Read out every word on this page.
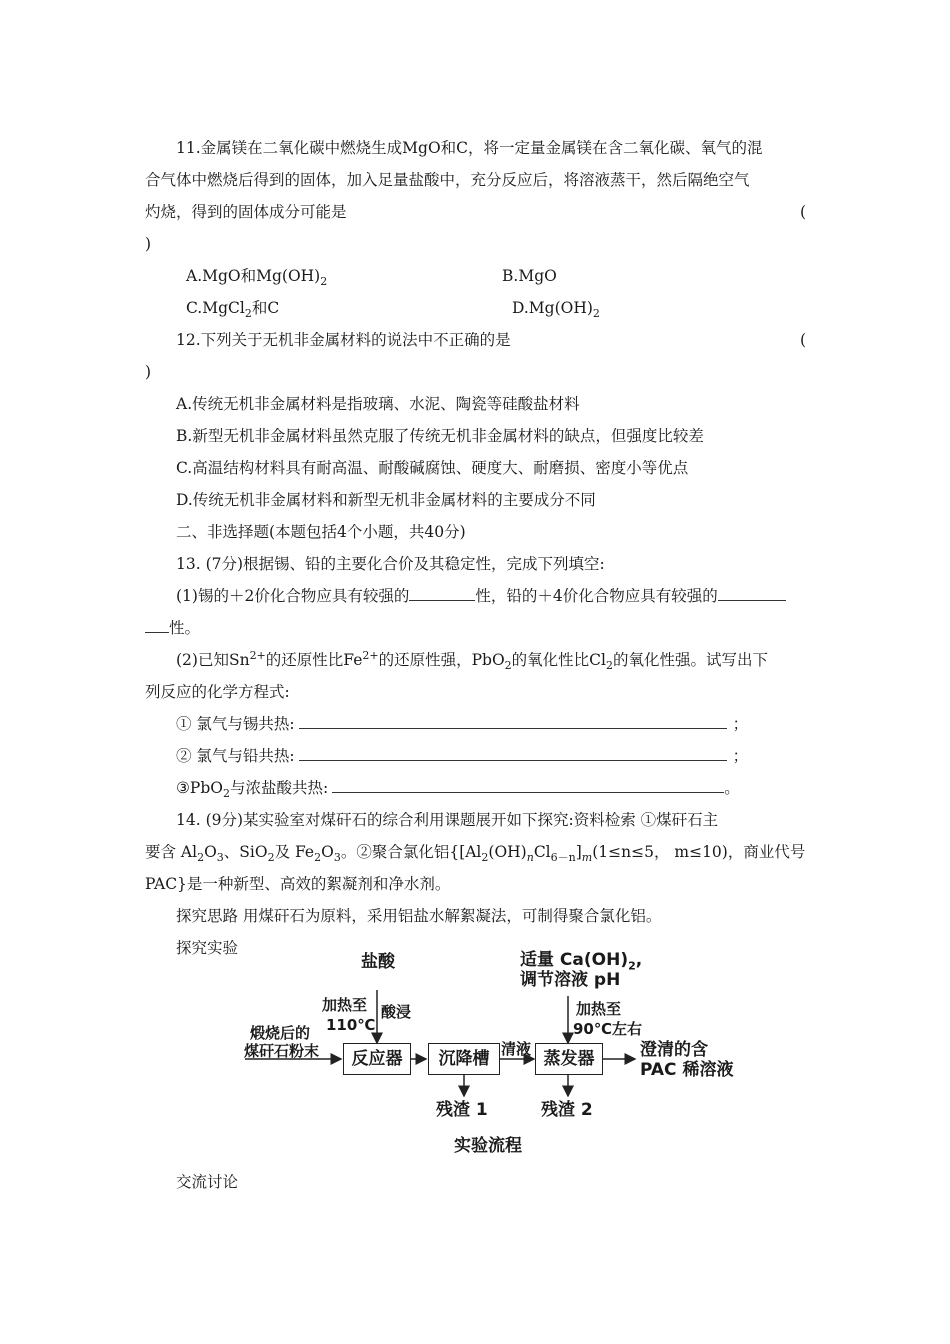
11.金属镁在二氧化碳中燃烧生成MgO和C，将一定量金属镁在含二氧化碳、氧气的混
合气体中燃烧后得到的固体，加入足量盐酸中，充分反应后，将溶液蒸干，然后隔绝空气
灼烧，得到的固体成分可能是	(
)
A.MgO和$Mg(OH)_2$	B.MgO
C.MgCl$_2$和C	$D.Mg(OH)_2$
12.下列关于无机非金属材料的说法中不正确的是	(
)
A.传统无机非金属材料是指玻璃、水泥、陶瓷等硅酸盐材料
B.新型无机非金属材料虽然克服了传统无机非金属材料的缺点，但强度比较差
C.高温结构材料具有耐高温、耐酸碱腐蚀、硬度大、耐磨损、密度小等优点
D.传统无机非金属材料和新型无机非金属材料的主要成分不同
二、非选择题(本题包括4个小题，共40分)
13. (7分)根据锡、铅的主要化合价及其稳定性，完成下列填空:
(1)锡的＋2价化合物应具有较强的	性，铅的＋4价化合物应具有较强的
性。
(2)已知$Sn^{2+}$的还原性比$Fe^{2+}$的还原性强，PbO$_2$的氧化性比$Cl_2$的氧化性强。试写出下
列反应的化学方程式:
① 氯气与锡共热:	；
② 氯气与铅共热:	；
③PbO$_2$与浓盐酸共热:	。
14. (9分)某实验室对煤矸石的综合利用课题展开如下探究:资料检索 ①煤矸石主
要含 $Al_2O_3$、SiO$_2$及 $Fe_2O_3$。②聚合氯化铝{$[Al_2(OH)_nCl_{6-n}]_m(1\le n\le 5$， m≤10)，商业代号
PAC}是一种新型、高效的絮凝剂和净水剂。
探究思路 用煤矸石为原料，采用铝盐水解絮凝法，可制得聚合氯化铝。
探究实验
盐酸
加热至
110℃
酸浸
煅烧后的
煤矸石粉末	反应器	沉降槽 清液 蒸发器
适量 $Ca(OH)_2$,
调节溶液 pH
加热至
90℃左右
澄清的含
PAC 稀溶液
残渣 1	残渣 2
实验流程
交流讨论
